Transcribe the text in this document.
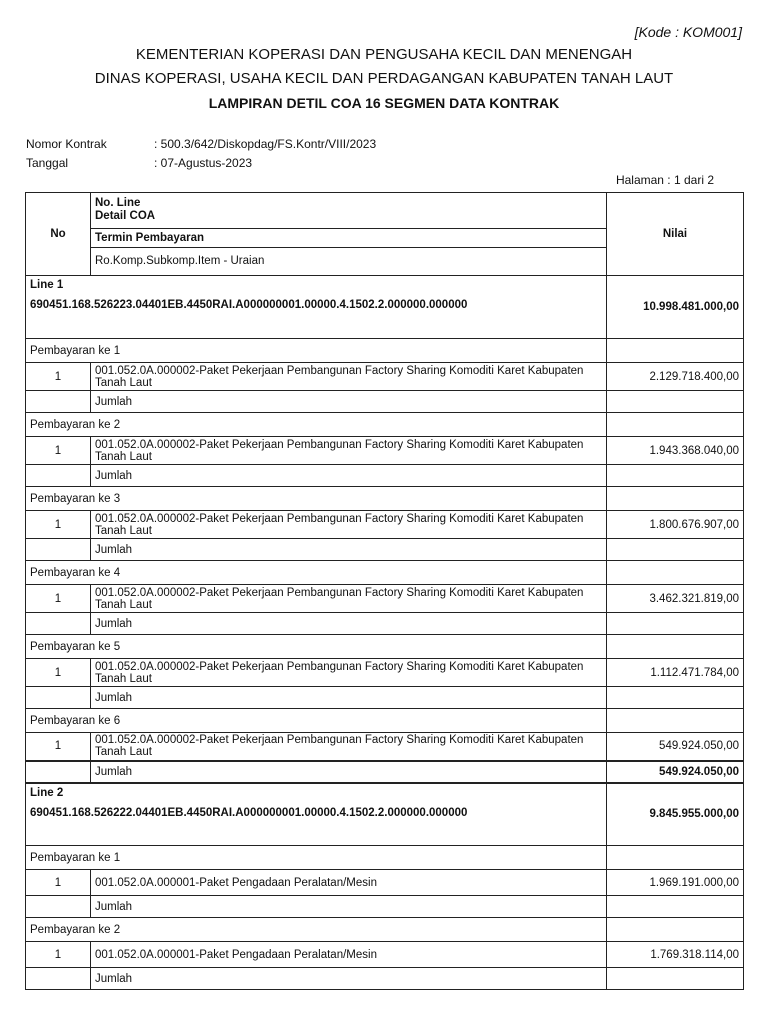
[Kode : KOM001]
KEMENTERIAN KOPERASI DAN PENGUSAHA KECIL DAN MENENGAH
DINAS KOPERASI, USAHA KECIL DAN PERDAGANGAN KABUPATEN TANAH LAUT
LAMPIRAN DETIL COA 16 SEGMEN DATA KONTRAK
Nomor Kontrak	: 500.3/642/Diskopdag/FS.Kontr/VIII/2023
Tanggal	: 07-Agustus-2023
Halaman : 1 dari 2
No	No. Line
Detail COA
Termin Pembayaran
Ro.Komp.Subkomp.Item - Uraian	Nilai
Line 1
690451.168.526223.04401EB.4450RAI.A000000001.00000.4.1502.2.000000.000000		10.998.481.000,00
Pembayaran ke 1		
1	001.052.0A.000002-Paket Pekerjaan Pembangunan Factory Sharing Komoditi Karet Kabupaten Tanah Laut	2.129.718.400,00
	Jumlah	
Pembayaran ke 2		
1	001.052.0A.000002-Paket Pekerjaan Pembangunan Factory Sharing Komoditi Karet Kabupaten Tanah Laut	1.943.368.040,00
	Jumlah	
Pembayaran ke 3		
1	001.052.0A.000002-Paket Pekerjaan Pembangunan Factory Sharing Komoditi Karet Kabupaten Tanah Laut	1.800.676.907,00
	Jumlah	
Pembayaran ke 4		
1	001.052.0A.000002-Paket Pekerjaan Pembangunan Factory Sharing Komoditi Karet Kabupaten Tanah Laut	3.462.321.819,00
	Jumlah	
Pembayaran ke 5		
1	001.052.0A.000002-Paket Pekerjaan Pembangunan Factory Sharing Komoditi Karet Kabupaten Tanah Laut	1.112.471.784,00
	Jumlah	
Pembayaran ke 6		
1	001.052.0A.000002-Paket Pekerjaan Pembangunan Factory Sharing Komoditi Karet Kabupaten Tanah Laut	549.924.050,00
	Jumlah	549.924.050,00
Line 2
690451.168.526222.04401EB.4450RAI.A000000001.00000.4.1502.2.000000.000000		9.845.955.000,00
Pembayaran ke 1		
1	001.052.0A.000001-Paket Pengadaan Peralatan/Mesin	1.969.191.000,00
	Jumlah	
Pembayaran ke 2		
1	001.052.0A.000001-Paket Pengadaan Peralatan/Mesin	1.769.318.114,00
	Jumlah	
